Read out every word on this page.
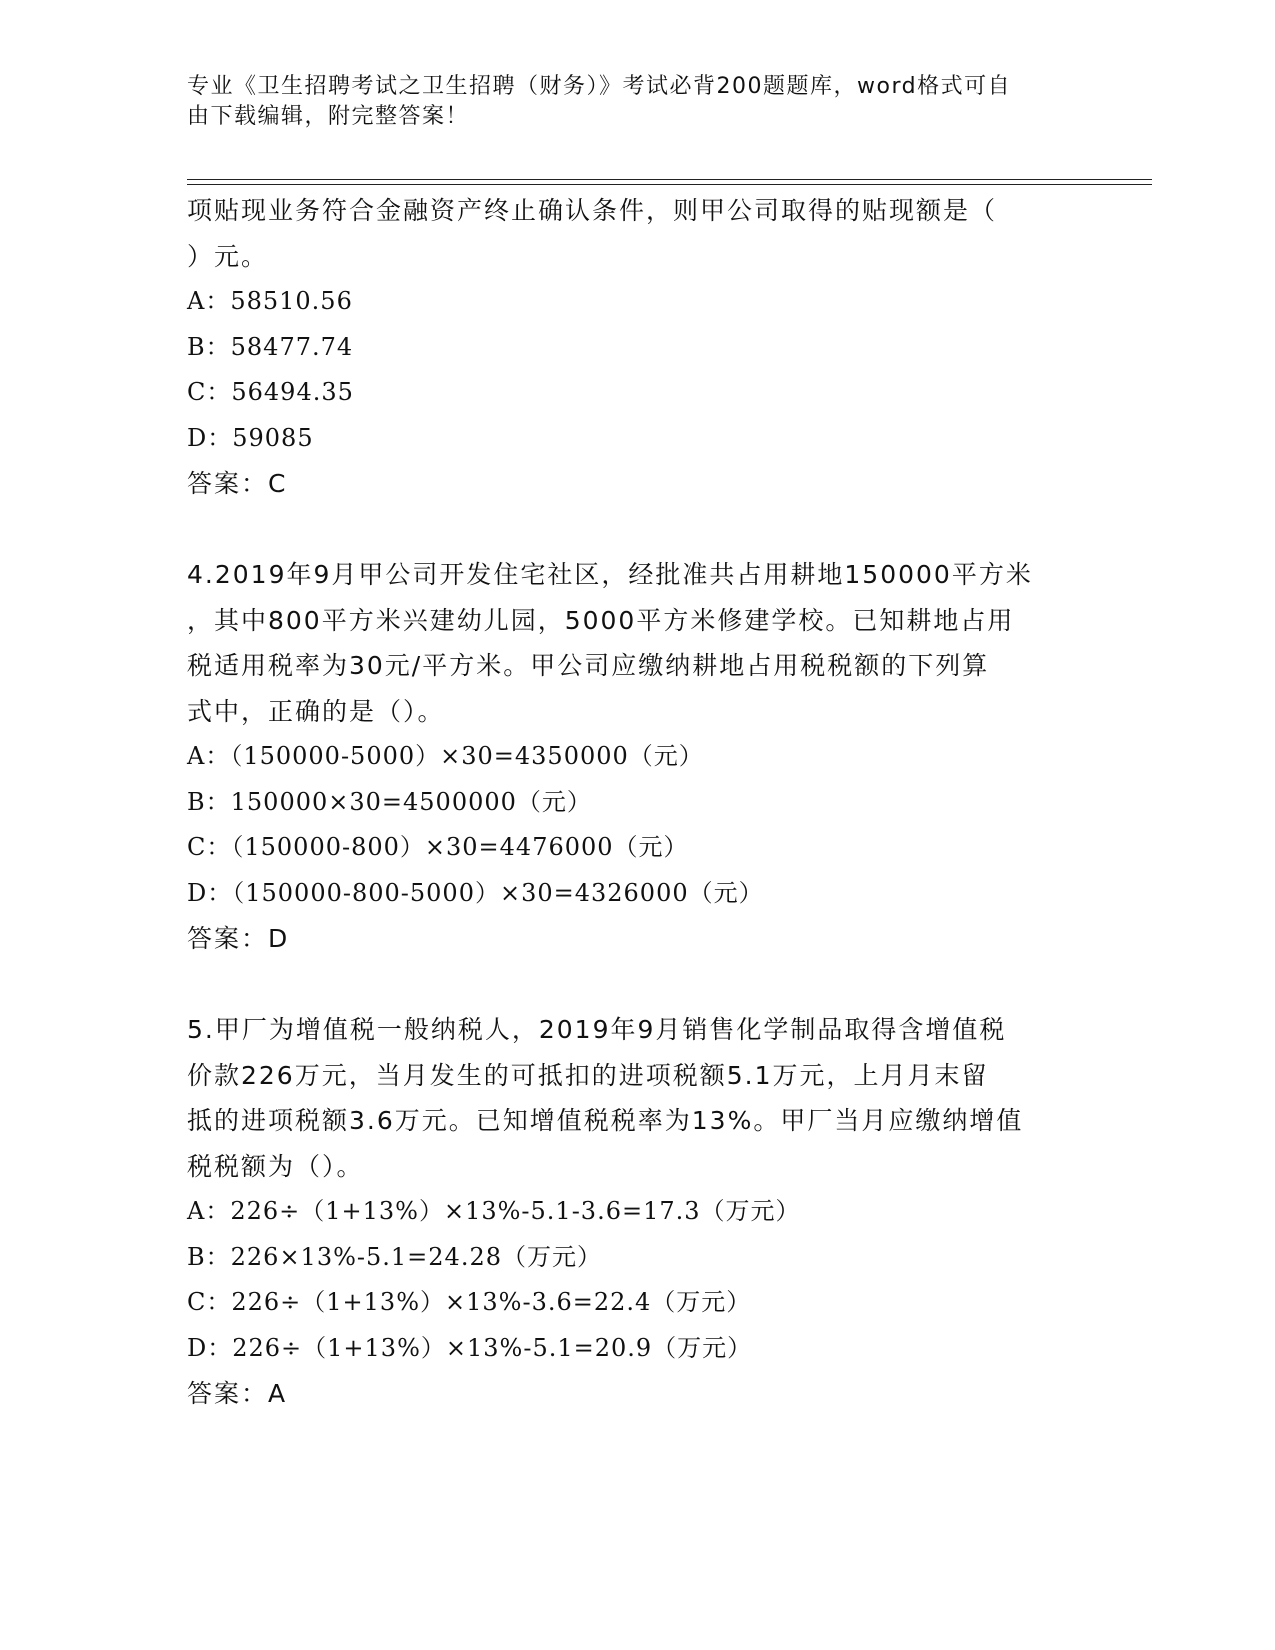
专业《卫生招聘考试之卫生招聘（财务）》考试必背200题题库，word格式可自
由下载编辑，附完整答案！
项贴现业务符合金融资产终止确认条件，则甲公司取得的贴现额是（
）元。
A：58510.56
B：58477.74
C：56494.35
D：59085
答案：C
4.2019年9月甲公司开发住宅社区，经批准共占用耕地150000平方米
，其中800平方米兴建幼儿园，5000平方米修建学校。已知耕地占用
税适用税率为30元/平方米。甲公司应缴纳耕地占用税税额的下列算
式中，正确的是（）。
A：（150000-5000）×30=4350000（元）
B：150000×30=4500000（元）
C：（150000-800）×30=4476000（元）
D：（150000-800-5000）×30=4326000（元）
答案：D
5.甲厂为增值税一般纳税人，2019年9月销售化学制品取得含增值税
价款226万元，当月发生的可抵扣的进项税额5.1万元，上月月末留
抵的进项税额3.6万元。已知增值税税率为13%。甲厂当月应缴纳增值
税税额为（）。
A：226÷（1+13%）×13%-5.1-3.6=17.3（万元）
B：226×13%-5.1=24.28（万元）
C：226÷（1+13%）×13%-3.6=22.4（万元）
D：226÷（1+13%）×13%-5.1=20.9（万元）
答案：A
